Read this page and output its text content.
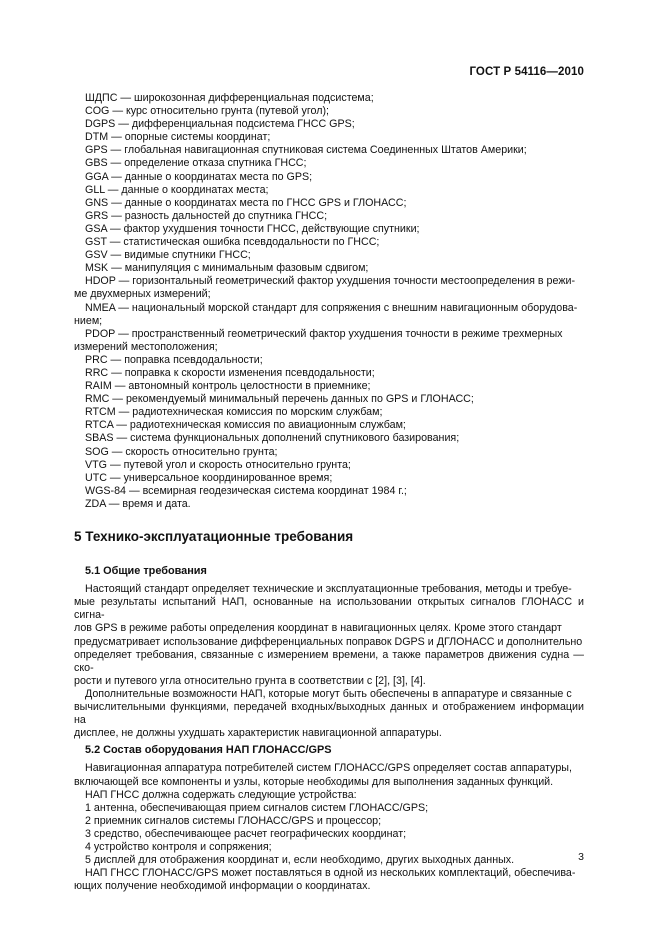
ГОСТ Р 54116—2010
ШДПС — широкозонная дифференциальная подсистема;
COG — курс относительно грунта (путевой угол);
DGPS — дифференциальная подсистема ГНСС GPS;
DTM — опорные системы координат;
GPS — глобальная навигационная спутниковая система Соединенных Штатов Америки;
GBS — определение отказа спутника ГНСС;
GGA — данные о координатах места по GPS;
GLL — данные о координатах места;
GNS — данные о координатах места по ГНСС GPS и ГЛОНАСС;
GRS — разность дальностей до спутника ГНСС;
GSA — фактор ухудшения точности ГНСС, действующие спутники;
GST — статистическая ошибка псевдодальности по ГНСС;
GSV — видимые спутники ГНСС;
MSK — манипуляция с минимальным фазовым сдвигом;
HDOP — горизонтальный геометрический фактор ухудшения точности местоопределения в режи-
ме двухмерных измерений;
NMEA — национальный морской стандарт для сопряжения с внешним навигационным оборудова-
нием;
PDOP — пространственный геометрический фактор ухудшения точности в режиме трехмерных
измерений местоположения;
PRC — поправка псевдодальности;
RRC — поправка к скорости изменения псевдодальности;
RAIM — автономный контроль целостности в приемнике;
RMC — рекомендуемый минимальный перечень данных по GPS и ГЛОНАСС;
RTCM — радиотехническая комиссия по морским службам;
RTCA — радиотехническая комиссия по авиационным службам;
SBAS — система функциональных дополнений спутникового базирования;
SOG — скорость относительно грунта;
VTG — путевой угол и скорость относительно грунта;
UTC — универсальное координированное время;
WGS-84 — всемирная геодезическая система координат 1984 г.;
ZDA — время и дата.
5 Технико-эксплуатационные требования
5.1 Общие требования
Настоящий стандарт определяет технические и эксплуатационные требования, методы и требуе-
мые результаты испытаний НАП, основанные на использовании открытых сигналов ГЛОНАСС и сигна-
лов GPS в режиме работы определения координат в навигационных целях. Кроме этого стандарт
предусматривает использование дифференциальных поправок DGPS и ДГЛОНАСС и дополнительно
определяет требования, связанные с измерением времени, а также параметров движения судна — ско-
рости и путевого угла относительно грунта в соответствии с [2], [3], [4].
Дополнительные возможности НАП, которые могут быть обеспечены в аппаратуре и связанные с
вычислительными функциями, передачей входных/выходных данных и отображением информации на
дисплее, не должны ухудшать характеристик навигационной аппаратуры.
5.2 Состав оборудования НАП ГЛОНАСС/GPS
Навигационная аппаратура потребителей систем ГЛОНАСС/GPS определяет состав аппаратуры,
включающей все компоненты и узлы, которые необходимы для выполнения заданных функций.
НАП ГНСС должна содержать следующие устройства:
1 антенна, обеспечивающая прием сигналов систем ГЛОНАСС/GPS;
2 приемник сигналов системы ГЛОНАСС/GPS и процессор;
3 средство, обеспечивающее расчет географических координат;
4 устройство контроля и сопряжения;
5 дисплей для отображения координат и, если необходимо, других выходных данных.
НАП ГНСС ГЛОНАСС/GPS может поставляться в одной из нескольких комплектаций, обеспечива-
ющих получение необходимой информации о координатах.
3
